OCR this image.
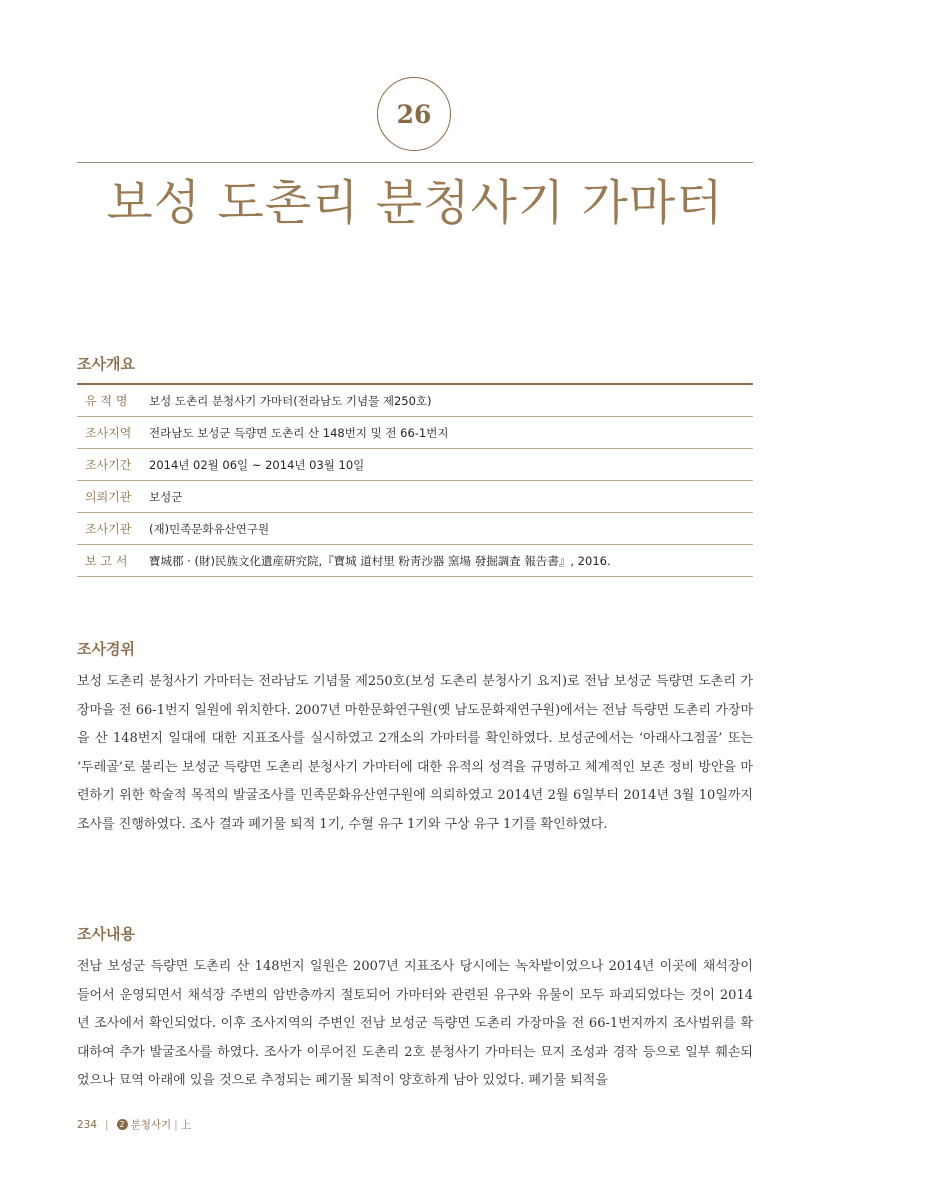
26
보성 도촌리 분청사기 가마터
조사개요
유 적 명	보성 도촌리 분청사기 가마터(전라남도 기념물 제250호)
조사지역	전라남도 보성군 득량면 도촌리 산 148번지 및 전 66-1번지
조사기간	2014년 02월 06일 ~ 2014년 03월 10일
의뢰기관	보성군
조사기관	(재)민족문화유산연구원
보 고 서	寶城郡 · (財)民族文化遺産硏究院,『寶城 道村里 粉靑沙器 窯場 發掘調査 報告書』, 2016.
조사경위

보성 도촌리 분청사기 가마터는 전라남도 기념물 제250호(보성 도촌리 분청사기 요지)로 전남 보성군 득량면 도촌리 가장마을 전 66-1번지 일원에 위치한다. 2007년 마한문화연구원(옛 남도문화재연구원)에서는 전남 득량면 도촌리 가장마을 산 148번지 일대에 대한 지표조사를 실시하였고 2개소의 가마터를 확인하였다. 보성군에서는 ‘아래사그점골’ 또는 ‘두레골’로 불리는 보성군 득량면 도촌리 분청사기 가마터에 대한 유적의 성격을 규명하고 체계적인 보존 정비 방안을 마련하기 위한 학술적 목적의 발굴조사를 민족문화유산연구원에 의뢰하였고 2014년 2월 6일부터 2014년 3월 10일까지 조사를 진행하였다. 조사 결과 폐기물 퇴적 1기, 수혈 유구 1기와 구상 유구 1기를 확인하였다.

조사내용

전남 보성군 득량면 도촌리 산 148번지 일원은 2007년 지표조사 당시에는 녹차밭이었으나 2014년 이곳에 채석장이 들어서 운영되면서 채석장 주변의 암반층까지 절토되어 가마터와 관련된 유구와 유물이 모두 파괴되었다는 것이 2014년 조사에서 확인되었다. 이후 조사지역의 주변인 전남 보성군 득량면 도촌리 가장마을 전 66-1번지까지 조사범위를 확대하여 추가 발굴조사를 하였다. 조사가 이루어진 도촌리 2호 분청사기 가마터는 묘지 조성과 경작 등으로 일부 훼손되었으나 묘역 아래에 있을 것으로 추정되는 폐기물 퇴적이 양호하게 남아 있었다. 폐기물 퇴적을

234 |	2 분청사기 | 上
